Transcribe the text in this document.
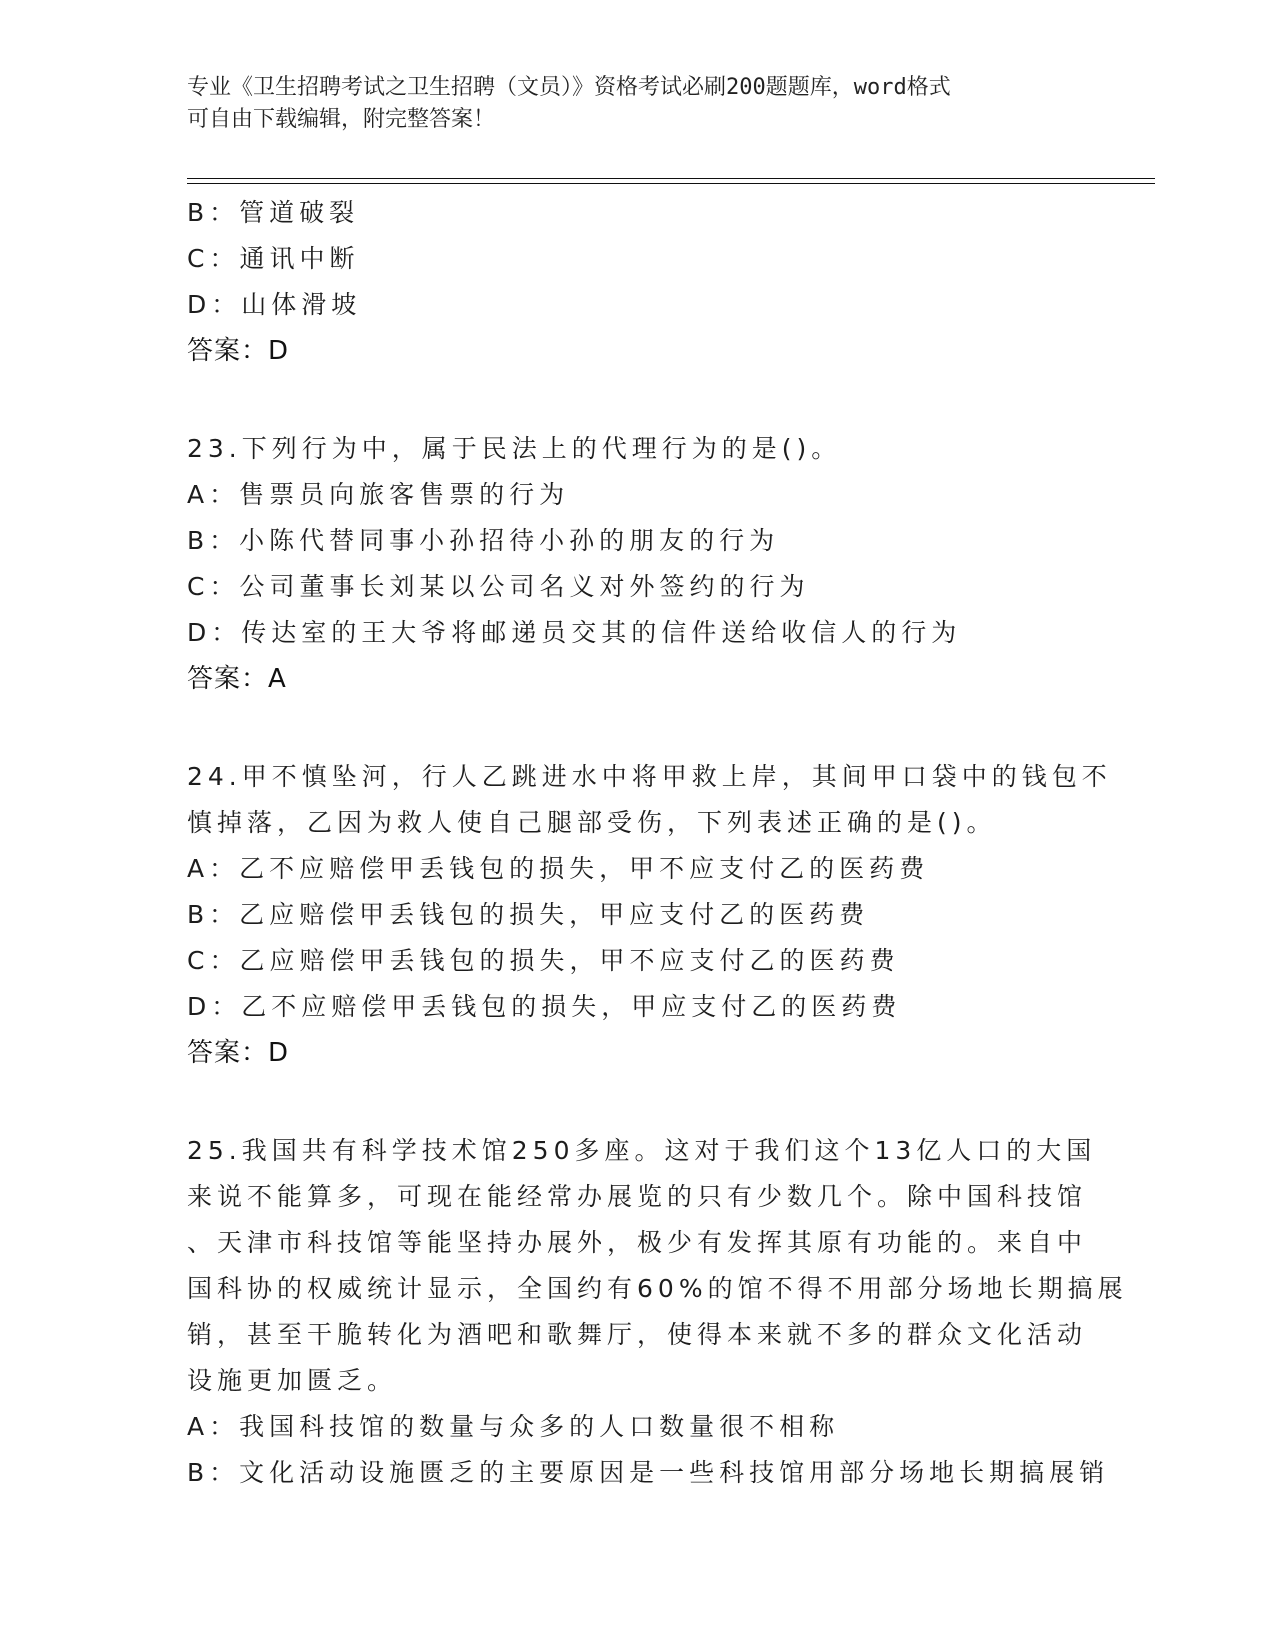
专业《卫生招聘考试之卫生招聘（文员）》资格考试必刷200题题库，word格式
可自由下载编辑，附完整答案！
B：管道破裂
C：通讯中断
D：山体滑坡
答案：D
23.下列行为中，属于民法上的代理行为的是()。
A：售票员向旅客售票的行为
B：小陈代替同事小孙招待小孙的朋友的行为
C：公司董事长刘某以公司名义对外签约的行为
D：传达室的王大爷将邮递员交其的信件送给收信人的行为
答案：A
24.甲不慎坠河，行人乙跳进水中将甲救上岸，其间甲口袋中的钱包不
慎掉落，乙因为救人使自己腿部受伤，下列表述正确的是()。
A：乙不应赔偿甲丢钱包的损失，甲不应支付乙的医药费
B：乙应赔偿甲丢钱包的损失，甲应支付乙的医药费
C：乙应赔偿甲丢钱包的损失，甲不应支付乙的医药费
D：乙不应赔偿甲丢钱包的损失，甲应支付乙的医药费
答案：D
25.我国共有科学技术馆250多座。这对于我们这个13亿人口的大国
来说不能算多，可现在能经常办展览的只有少数几个。除中国科技馆
、天津市科技馆等能坚持办展外，极少有发挥其原有功能的。来自中
国科协的权威统计显示，全国约有60%的馆不得不用部分场地长期搞展
销，甚至干脆转化为酒吧和歌舞厅，使得本来就不多的群众文化活动
设施更加匮乏。
A：我国科技馆的数量与众多的人口数量很不相称
B：文化活动设施匮乏的主要原因是一些科技馆用部分场地长期搞展销
